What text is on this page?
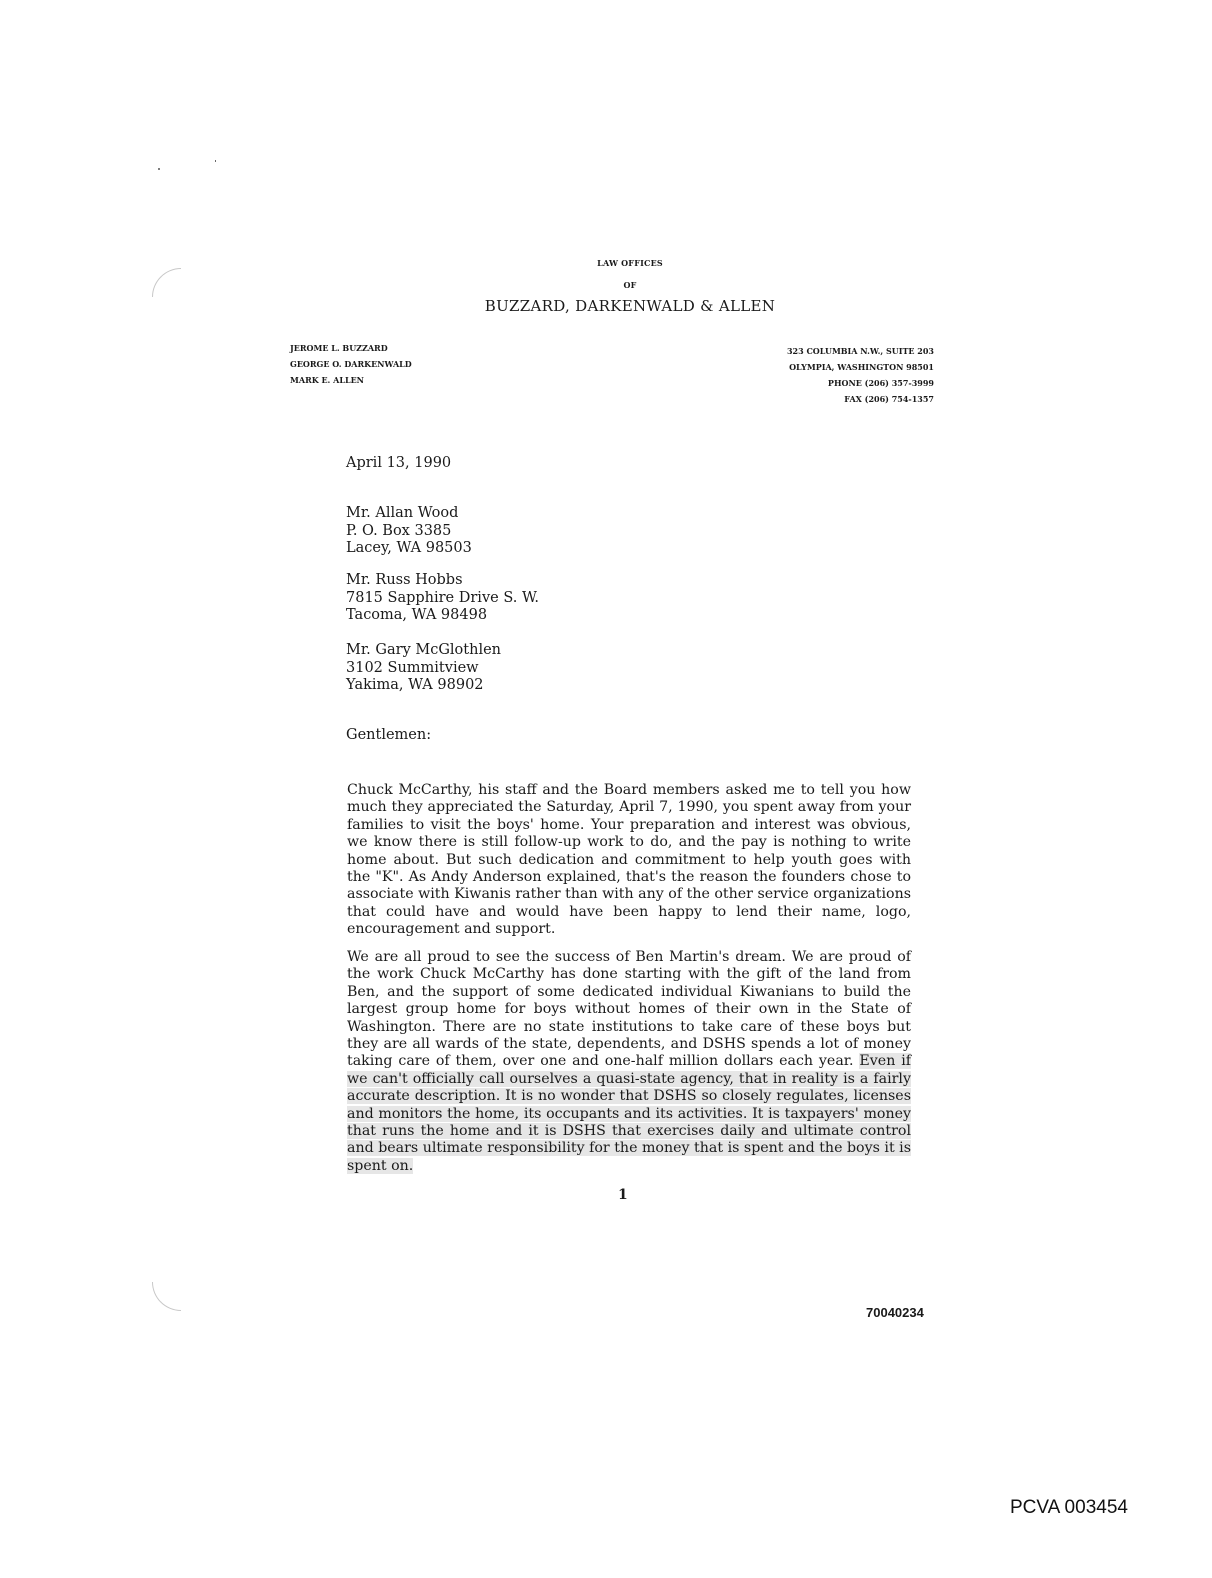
LAW OFFICES
OF
BUZZARD, DARKENWALD & ALLEN
JEROME L. BUZZARD
GEORGE O. DARKENWALD
MARK E. ALLEN
323 COLUMBIA N.W., SUITE 203
OLYMPIA, WASHINGTON 98501
PHONE (206) 357-3999
FAX (206) 754-1357
April 13, 1990
Mr. Allan Wood
P. O. Box 3385
Lacey, WA 98503
Mr. Russ Hobbs
7815 Sapphire Drive S. W.
Tacoma, WA 98498
Mr. Gary McGlothlen
3102 Summitview
Yakima, WA 98902
Gentlemen:
Chuck McCarthy, his staff and the Board members asked me to tell you how much they appreciated the Saturday, April 7, 1990, you spent away from your families to visit the boys' home. Your preparation and interest was obvious, we know there is still follow-up work to do, and the pay is nothing to write home about. But such dedication and commitment to help youth goes with the "K". As Andy Anderson explained, that's the reason the founders chose to associate with Kiwanis rather than with any of the other service organizations that could have and would have been happy to lend their name, logo, encouragement and support.
We are all proud to see the success of Ben Martin's dream. We are proud of the work Chuck McCarthy has done starting with the gift of the land from Ben, and the support of some dedicated individual Kiwanians to build the largest group home for boys without homes of their own in the State of Washington. There are no state institutions to take care of these boys but they are all wards of the state, dependents, and DSHS spends a lot of money taking care of them, over one and one-half million dollars each year. Even if we can't officially call ourselves a quasi-state agency, that in reality is a fairly accurate description. It is no wonder that DSHS so closely regulates, licenses and monitors the home, its occupants and its activities. It is taxpayers' money that runs the home and it is DSHS that exercises daily and ultimate control and bears ultimate responsibility for the money that is spent and the boys it is spent on.
1
70040234
PCVA 003454
